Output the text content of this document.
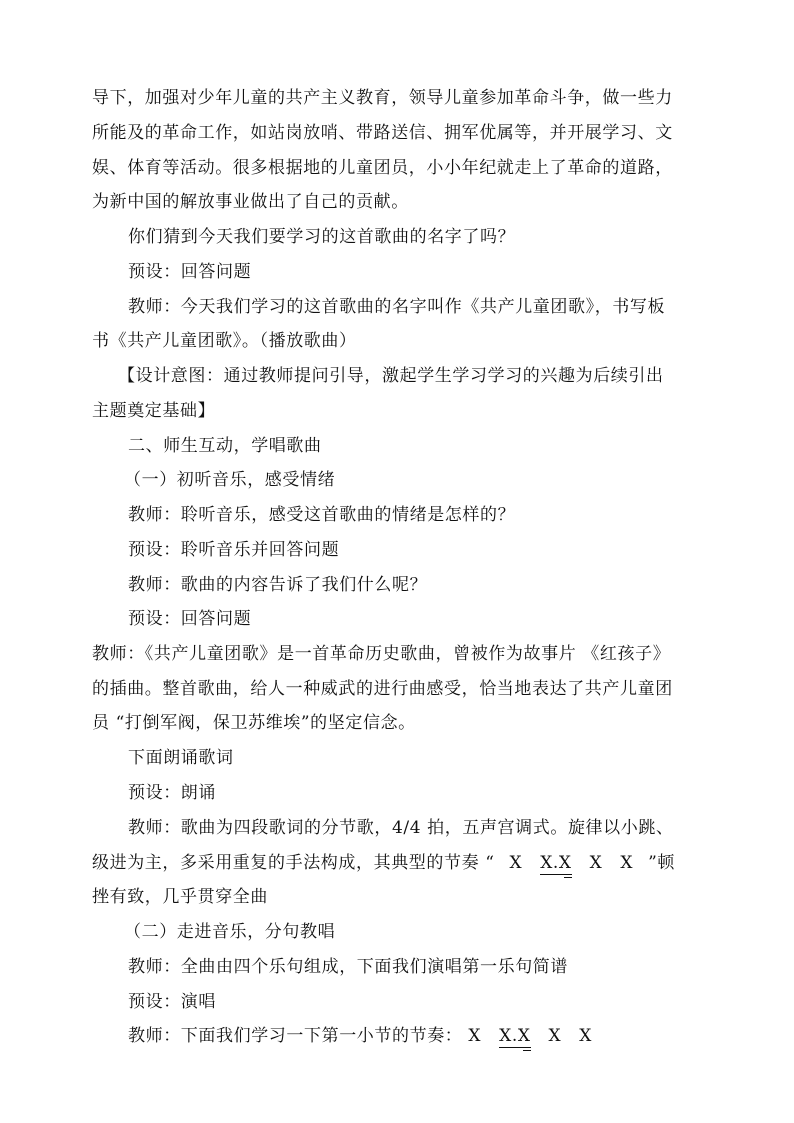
导下，加强对少年儿童的共产主义教育，领导儿童参加革命斗争，做一些力
所能及的革命工作，如站岗放哨、带路送信、拥军优属等，并开展学习、文
娱、体育等活动。很多根据地的儿童团员，小小年纪就走上了革命的道路，
为新中国的解放事业做出了自己的贡献。
你们猜到今天我们要学习的这首歌曲的名字了吗？
预设：回答问题
教师：今天我们学习的这首歌曲的名字叫作《共产儿童团歌》，书写板
书《共产儿童团歌》。（播放歌曲）
【设计意图：通过教师提问引导，激起学生学习学习的兴趣为后续引出
主题奠定基础】
二、师生互动，学唱歌曲
（一）初听音乐，感受情绪
教师：聆听音乐，感受这首歌曲的情绪是怎样的？
预设：聆听音乐并回答问题
教师：歌曲的内容告诉了我们什么呢？
预设：回答问题
教师：《共产儿童团歌》是一首革命历史歌曲，曾被作为故事片 《红孩子》
的插曲。整首歌曲，给人一种威武的进行曲感受，恰当地表达了共产儿童团
员 “打倒军阀，保卫苏维埃”的坚定信念。
下面朗诵歌词
预设：朗诵
教师：歌曲为四段歌词的分节歌，4/4 拍，五声宫调式。旋律以小跳、
级进为主，多采用重复的手法构成，其典型的节奏 “ X X.X X X ”顿
挫有致，几乎贯穿全曲
（二）走进音乐，分句教唱
教师：全曲由四个乐句组成，下面我们演唱第一乐句简谱
预设：演唱
教师：下面我们学习一下第一小节的节奏： X X.X X X
